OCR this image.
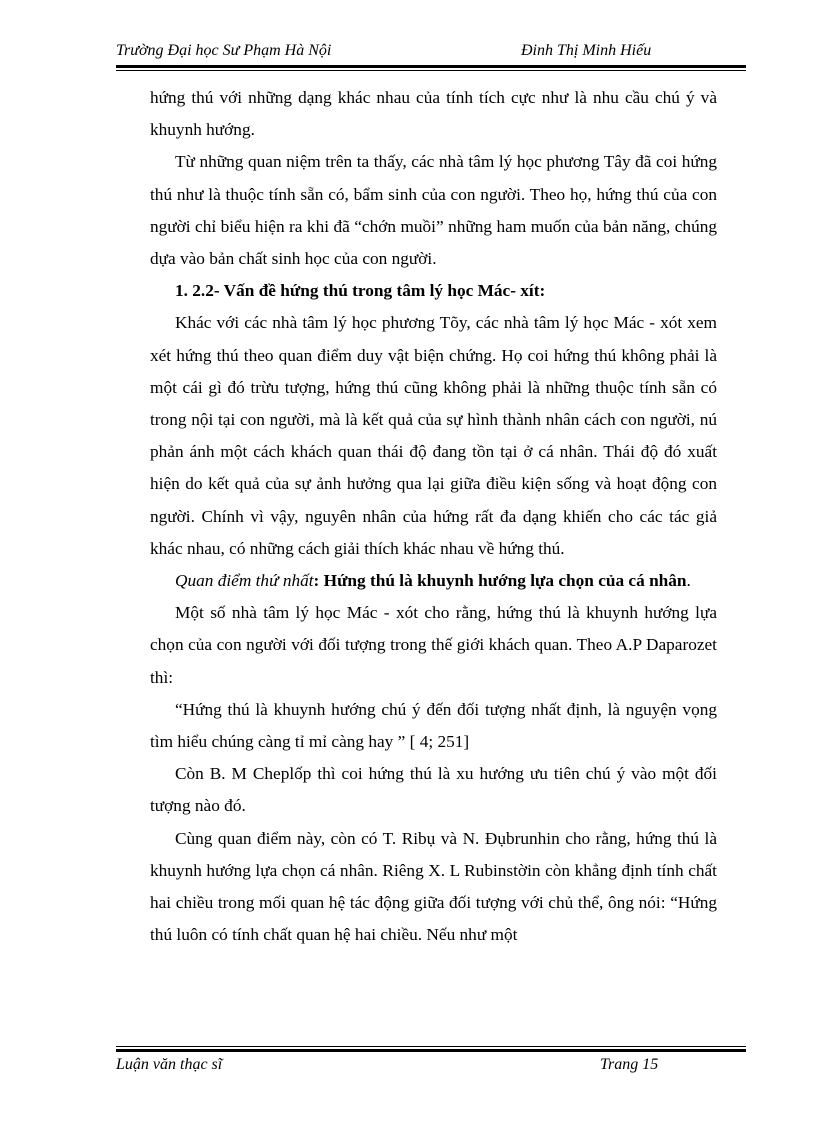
Trường Đại học Sư Phạm Hà Nội	Đinh Thị Minh Hiếu

hứng thú với những dạng khác nhau của tính tích cực như là nhu cầu chú ý và khuynh hướng.

Từ những quan niệm trên ta thấy, các nhà tâm lý học phương Tây đã coi hứng thú như là thuộc tính sẵn có, bẩm sinh của con người. Theo họ, hứng thú của con người chỉ biểu hiện ra khi đã “chớn muồi” những ham muốn của bản năng, chúng dựa vào bản chất sinh học của con người.

1. 2.2- Vấn đề hứng thú trong tâm lý học Mác- xít:

Khác với các nhà tâm lý học phương Tõy, các nhà tâm lý học Mác - xót xem xét hứng thú theo quan điểm duy vật biện chứng. Họ coi hứng thú không phải là một cái gì đó trừu tượng, hứng thú cũng không phải là những thuộc tính sẵn có trong nội tại con người, mà là kết quả của sự hình thành nhân cách con người, nú phản ánh một cách khách quan thái độ đang tồn tại ở cá nhân. Thái độ đó xuất hiện do kết quả của sự ảnh hưởng qua lại giữa điều kiện sống và hoạt động con người. Chính vì vậy, nguyên nhân của hứng rất đa dạng khiến cho các tác giả khác nhau, có những cách giải thích khác nhau về hứng thú.

Quan điểm thứ nhất: Hứng thú là khuynh hướng lựa chọn của cá nhân.

Một số nhà tâm lý học Mác - xót cho rằng, hứng thú là khuynh hướng lựa chọn của con người với đối tượng trong thế giới khách quan. Theo A.P Daparozet thì:

“Hứng thú là khuynh hướng chú ý đến đối tượng nhất định, là nguyện vọng tìm hiểu chúng càng tỉ mỉ càng hay ” [ 4; 251]

Còn B. M Cheplốp thì coi hứng thú là xu hướng ưu tiên chú ý vào một đối tượng nào đó.

Cùng quan điểm này, còn có T. Ribụ và N. Đụbrunhin cho rằng, hứng thú là khuynh hướng lựa chọn cá nhân. Riêng X. L Rubinstờin còn khẳng định tính chất hai chiều trong mối quan hệ tác động giữa đối tượng với chủ thể, ông nói: “Hứng thú luôn có tính chất quan hệ hai chiều. Nếu như một

Luận văn thạc sĩ	Trang 15
